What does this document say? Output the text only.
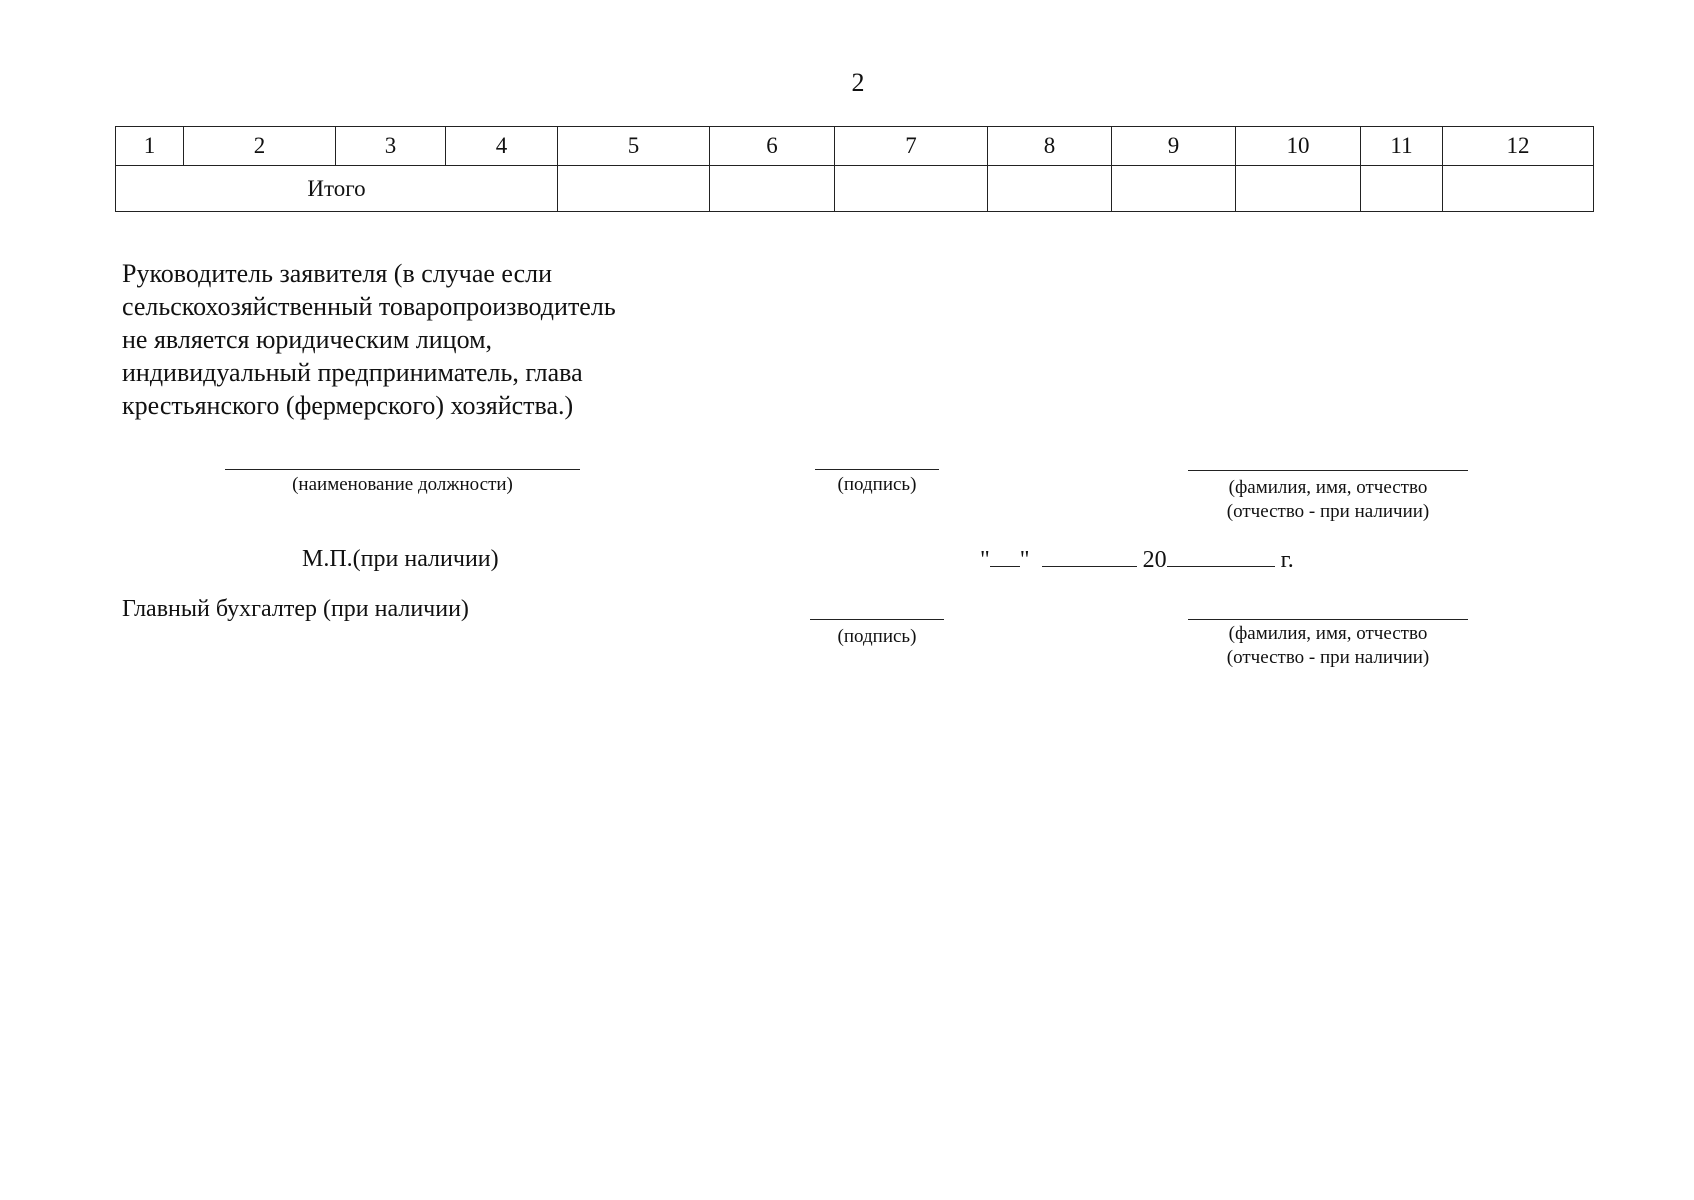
2
1	2	3	4	5	6	7	8	9	10	11	12
Итого											
Руководитель заявителя (в случае если
сельскохозяйственный товаропроизводитель
не является юридическим лицом,
индивидуальный предприниматель, глава
крестьянского (фермерского) хозяйства.)
(наименование должности)	(подпись)	(фамилия, имя, отчество
(отчество - при наличии)
М.П.(при наличии)	" "	20	г.
Главный бухгалтер (при наличии)
(подпись)	(фамилия, имя, отчество
(отчество - при наличии)
